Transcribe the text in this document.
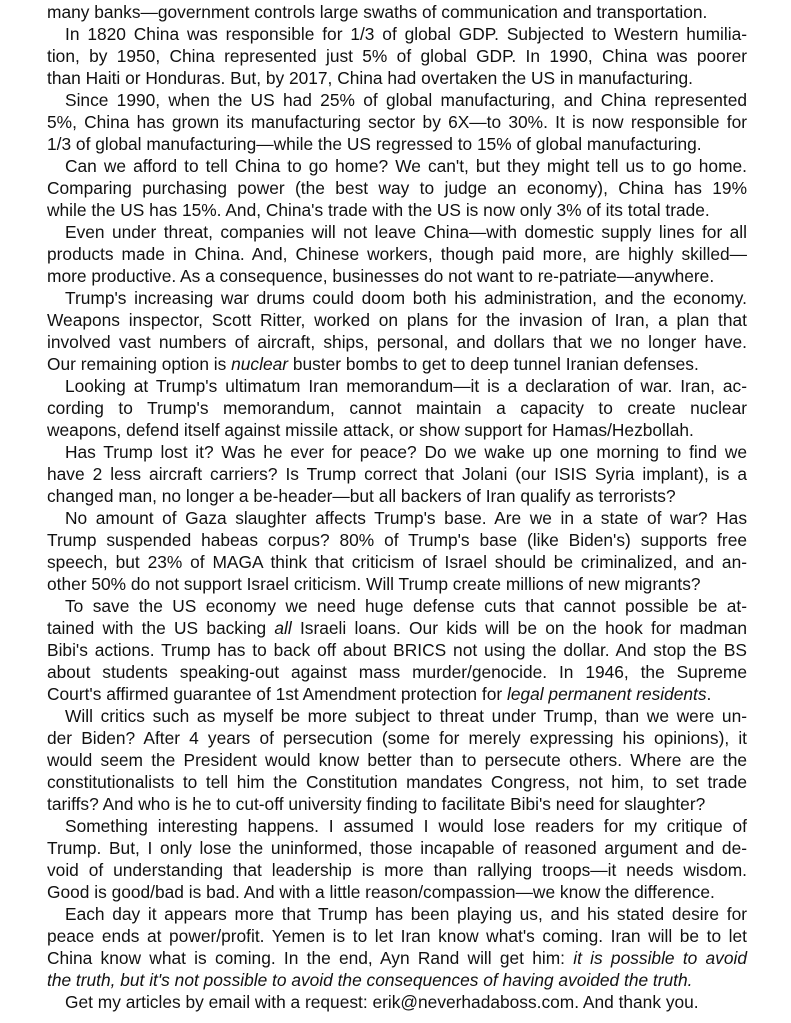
many banks—government controls large swaths of communication and transportation.
In 1820 China was responsible for 1/3 of global GDP. Subjected to Western humilia-
tion, by 1950, China represented just 5% of global GDP. In 1990, China was poorer
than Haiti or Honduras. But, by 2017, China had overtaken the US in manufacturing.
Since 1990, when the US had 25% of global manufacturing, and China represented
5%, China has grown its manufacturing sector by 6X—to 30%. It is now responsible for
1/3 of global manufacturing—while the US regressed to 15% of global manufacturing.
Can we afford to tell China to go home? We can't, but they might tell us to go home.
Comparing purchasing power (the best way to judge an economy), China has 19%
while the US has 15%. And, China's trade with the US is now only 3% of its total trade.
Even under threat, companies will not leave China—with domestic supply lines for all
products made in China. And, Chinese workers, though paid more, are highly skilled—
more productive. As a consequence, businesses do not want to re-patriate—anywhere.
Trump's increasing war drums could doom both his administration, and the economy.
Weapons inspector, Scott Ritter, worked on plans for the invasion of Iran, a plan that
involved vast numbers of aircraft, ships, personal, and dollars that we no longer have.
Our remaining option is nuclear buster bombs to get to deep tunnel Iranian defenses.
Looking at Trump's ultimatum Iran memorandum—it is a declaration of war. Iran, ac-
cording to Trump's memorandum, cannot maintain a capacity to create nuclear
weapons, defend itself against missile attack, or show support for Hamas/Hezbollah.
Has Trump lost it? Was he ever for peace? Do we wake up one morning to find we
have 2 less aircraft carriers? Is Trump correct that Jolani (our ISIS Syria implant), is a
changed man, no longer a be-header—but all backers of Iran qualify as terrorists?
No amount of Gaza slaughter affects Trump's base. Are we in a state of war? Has
Trump suspended habeas corpus? 80% of Trump's base (like Biden's) supports free
speech, but 23% of MAGA think that criticism of Israel should be criminalized, and an-
other 50% do not support Israel criticism. Will Trump create millions of new migrants?
To save the US economy we need huge defense cuts that cannot possible be at-
tained with the US backing all Israeli loans. Our kids will be on the hook for madman
Bibi's actions. Trump has to back off about BRICS not using the dollar. And stop the BS
about students speaking-out against mass murder/genocide. In 1946, the Supreme
Court's affirmed guarantee of 1st Amendment protection for legal permanent residents.
Will critics such as myself be more subject to threat under Trump, than we were un-
der Biden? After 4 years of persecution (some for merely expressing his opinions), it
would seem the President would know better than to persecute others. Where are the
constitutionalists to tell him the Constitution mandates Congress, not him, to set trade
tariffs? And who is he to cut-off university finding to facilitate Bibi's need for slaughter?
Something interesting happens. I assumed I would lose readers for my critique of
Trump. But, I only lose the uninformed, those incapable of reasoned argument and de-
void of understanding that leadership is more than rallying troops—it needs wisdom.
Good is good/bad is bad. And with a little reason/compassion—we know the difference.
Each day it appears more that Trump has been playing us, and his stated desire for
peace ends at power/profit. Yemen is to let Iran know what's coming. Iran will be to let
China know what is coming. In the end, Ayn Rand will get him: it is possible to avoid
the truth, but it's not possible to avoid the consequences of having avoided the truth.
Get my articles by email with a request: erik@neverhadaboss.com. And thank you.
